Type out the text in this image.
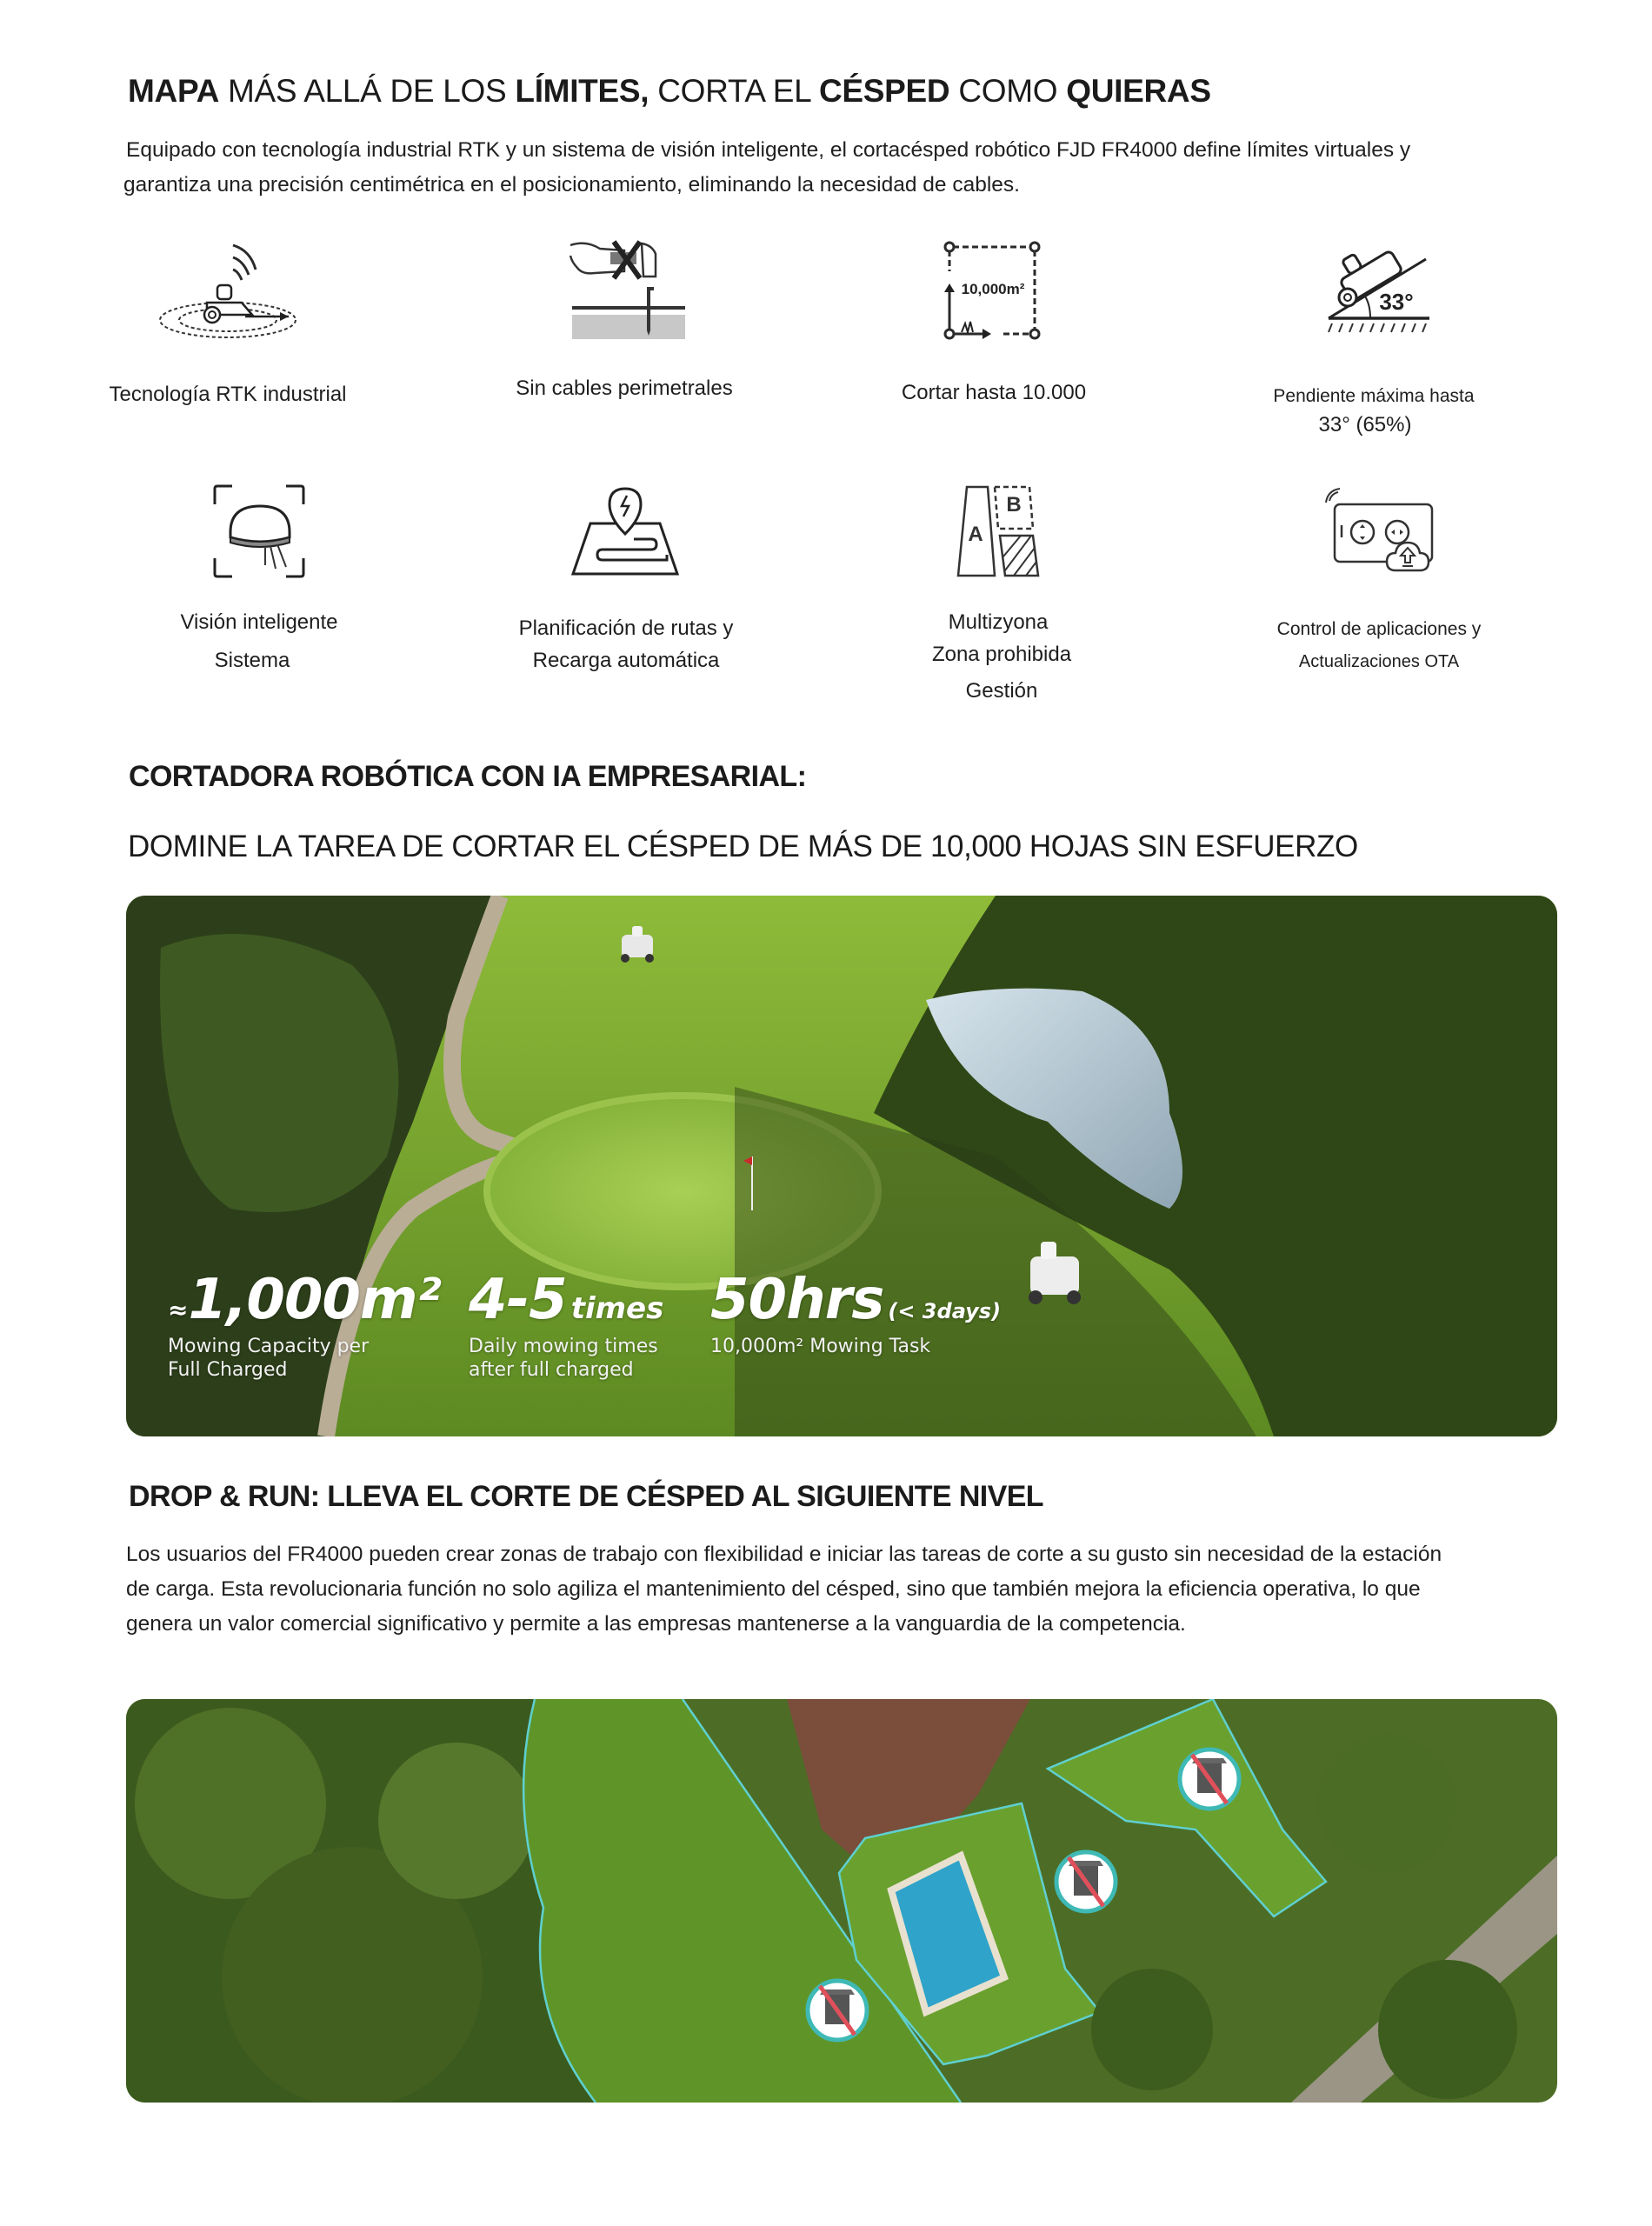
MAPA MÁS ALLÁ DE LOS LÍMITES, CORTA EL CÉSPED COMO QUIERAS
Equipado con tecnología industrial RTK y un sistema de visión inteligente, el cortacésped robótico FJD FR4000 define límites virtuales y
garantiza una precisión centimétrica en el posicionamiento, eliminando la necesidad de cables.
Tecnología RTK industrial	Sin cables perimetrales
10,000m²
Cortar hasta 10.000
33°
Pendiente máxima hasta
33° (65%)
Visión inteligente
Sistema
Planificación de rutas y
Recarga automática
A
B
Multizyona
Zona prohibida
Gestión
Control de aplicaciones y
Actualizaciones OTA
CORTADORA ROBÓTICA CON IA EMPRESARIAL:
DOMINE LA TAREA DE CORTAR EL CÉSPED DE MÁS DE 10,000 HOJAS SIN ESFUERZO
≈1,000m²
Mowing Capacity per
Full Charged
4-5 times
Daily mowing times
after full charged
50hrs (< 3days)
10,000m² Mowing Task
DROP & RUN: LLEVA EL CORTE DE CÉSPED AL SIGUIENTE NIVEL
Los usuarios del FR4000 pueden crear zonas de trabajo con flexibilidad e iniciar las tareas de corte a su gusto sin necesidad de la estación
de carga. Esta revolucionaria función no solo agiliza el mantenimiento del césped, sino que también mejora la eficiencia operativa, lo que
genera un valor comercial significativo y permite a las empresas mantenerse a la vanguardia de la competencia.
